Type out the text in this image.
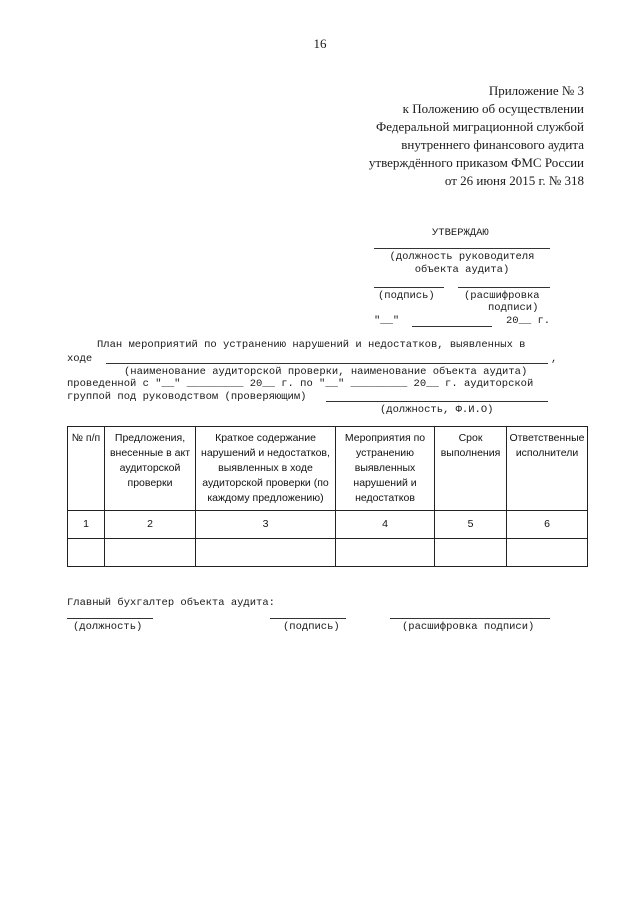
16
Приложение № 3
к Положению об осуществлении
Федеральной миграционной службой
внутреннего финансового аудита
утверждённого приказом ФМС России
от 26 июня 2015 г. № 318
УТВЕРЖДАЮ
(должность руководителя
объекта аудита)
(подпись)	(расшифровка
подписи)
"__"	20__ г.
План мероприятий по устранению нарушений и недостатков, выявленных в
ходе	,
(наименование аудиторской проверки, наименование объекта аудита)
проведенной с "__" _________ 20__ г. по "__" _________ 20__ г. аудиторской
группой под руководством (проверяющим)
(должность, Ф.И.О)
№ п/п	Предложения, внесенные в акт аудиторской проверки	Краткое содержание нарушений и недостатков, выявленных в ходе аудиторской проверки (по каждому предложению)	Мероприятия по устранению выявленных нарушений и недостатков	Срок выполнения	Ответственные исполнители
1	2	3	4	5	6

Главный бухгалтер объекта аудита:
(должность)	(подпись)	(расшифровка подписи)
